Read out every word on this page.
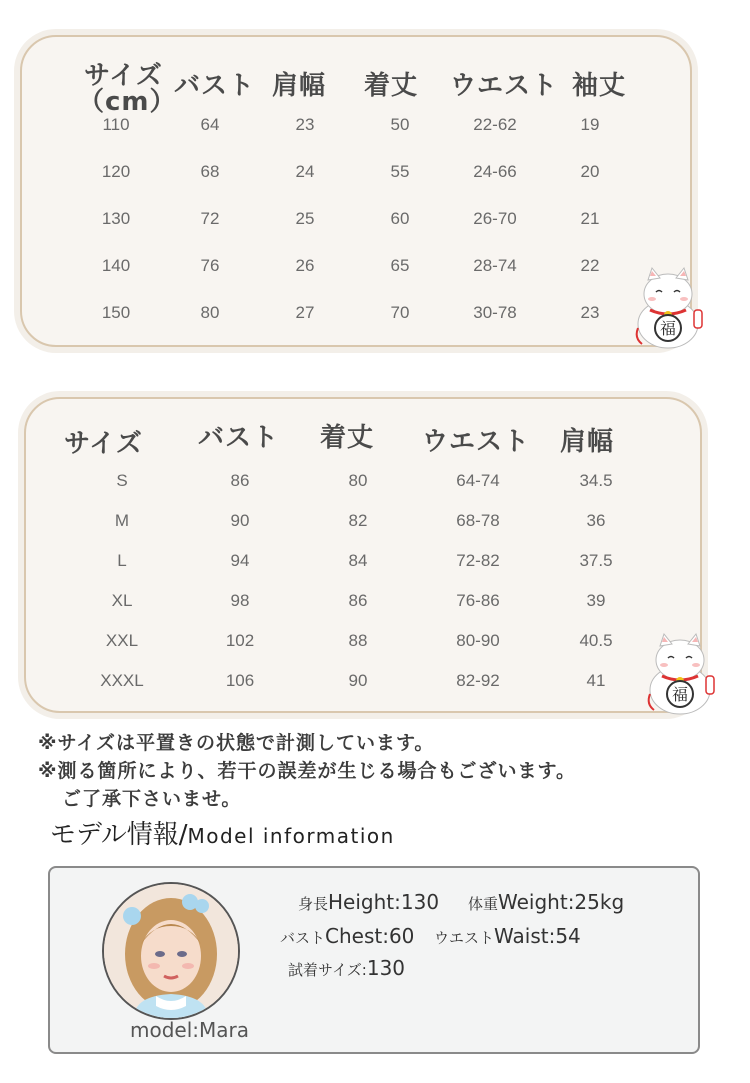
サイズ
（cm）
バスト 肩幅 着丈 ウエスト 袖丈
110	64	23	50	22-62	19
120	68	24	55	24-66	20
130	72	25	60	26-70	21
140	76	26	65	28-74	22
150	80	27	70	30-78	23
福
サイズ バスト 着丈 ウエスト 肩幅
S	86	80	64-74	34.5
M	90	82	68-78	36
L	94	84	72-82	37.5
XL	98	86	76-86	39
XXL	102	88	80-90	40.5
XXXL	106	90	82-92	41
福
※サイズは平置きの状態で計測しています。
※測る箇所により、若干の誤差が生じる場合もございます。
ご了承下さいませ。
モデル情報/Model information
model:Mara
身長Height:130 体重Weight:25kg
バストChest:60 ウエストWaist:54
試着サイズ:130
